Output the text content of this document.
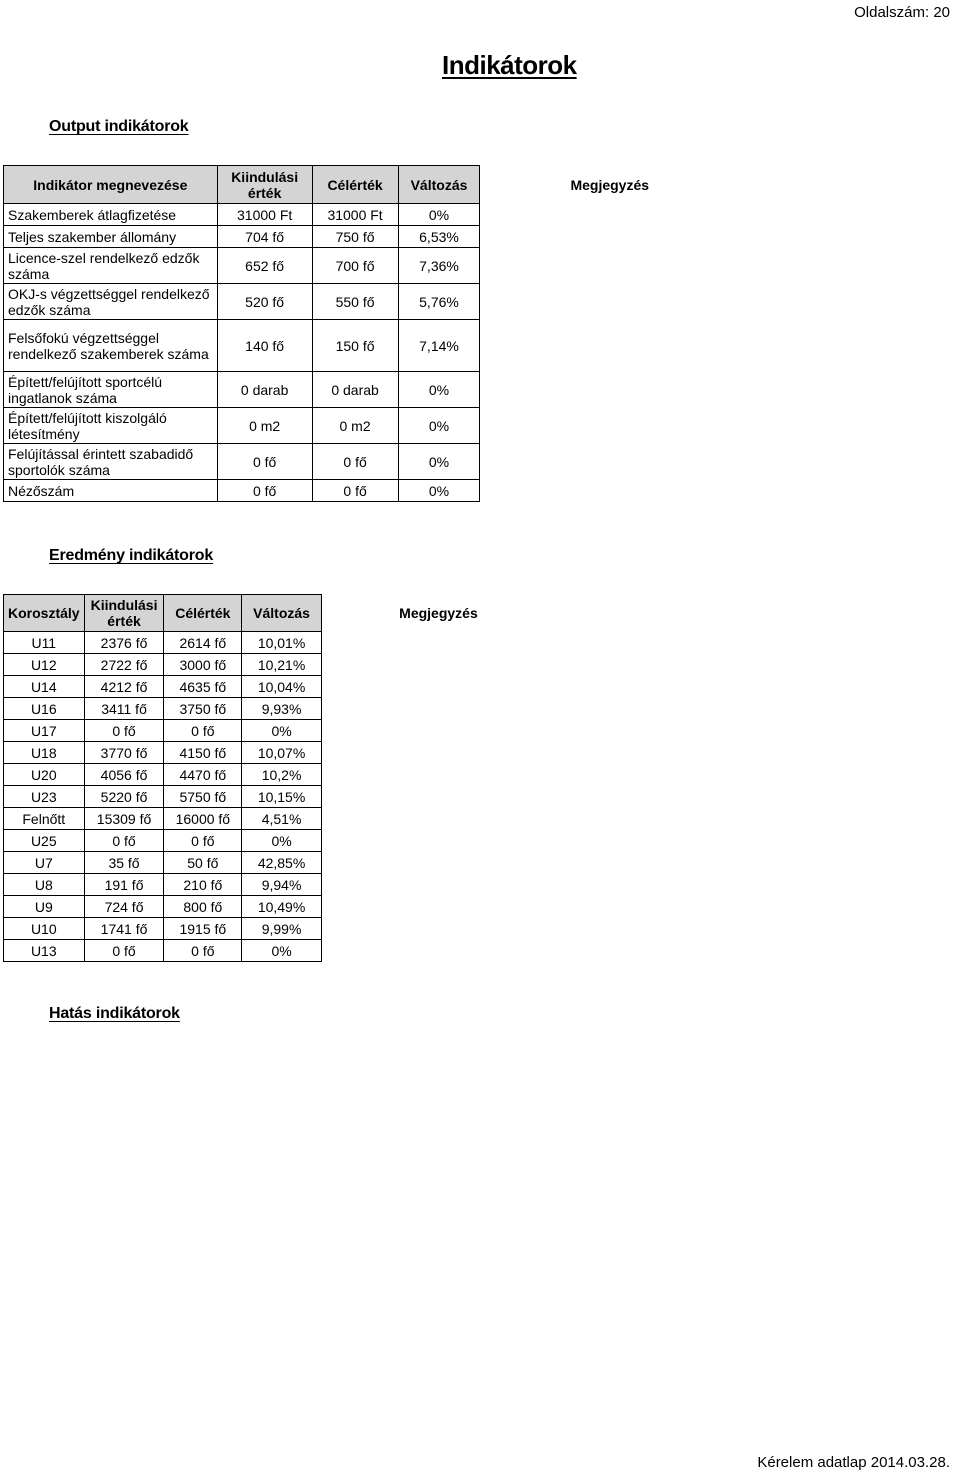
Oldalszám: 20
Indikátorok
Output indikátorok
Indikátor megnevezése	Kiindulási érték	Célérték	Változás	Megjegyzés
Szakemberek átlagfizetése	31000 Ft	31000 Ft	0%	
Teljes szakember állomány	704 fő	750 fő	6,53%	
Licence-szel rendelkező edzők száma	652 fő	700 fő	7,36%	
OKJ-s végzettséggel rendelkező edzők száma	520 fő	550 fő	5,76%	
Felsőfokú végzettséggel rendelkező szakemberek száma	140 fő	150 fő	7,14%	
Épített/felújított sportcélú ingatlanok száma	0 darab	0 darab	0%	
Épített/felújított kiszolgáló létesítmény	0 m2	0 m2	0%	
Felújítással érintett szabadidő sportolók száma	0 fő	0 fő	0%	
Nézőszám	0 fő	0 fő	0%	
Eredmény indikátorok
Korosztály	Kiindulási érték	Célérték	Változás	Megjegyzés
U11	2376 fő	2614 fő	10,01%	
U12	2722 fő	3000 fő	10,21%	
U14	4212 fő	4635 fő	10,04%	
U16	3411 fő	3750 fő	9,93%	
U17	0 fő	0 fő	0%	
U18	3770 fő	4150 fő	10,07%	
U20	4056 fő	4470 fő	10,2%	
U23	5220 fő	5750 fő	10,15%	
Felnőtt	15309 fő	16000 fő	4,51%	
U25	0 fő	0 fő	0%	
U7	35 fő	50 fő	42,85%	
U8	191 fő	210 fő	9,94%	
U9	724 fő	800 fő	10,49%	
U10	1741 fő	1915 fő	9,99%	
U13	0 fő	0 fő	0%	
Hatás indikátorok
Kérelem adatlap 2014.03.28.
